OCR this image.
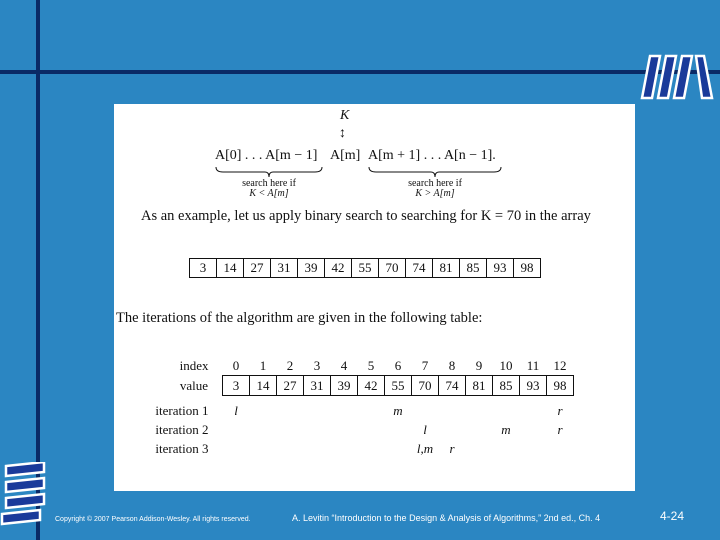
K
↕
A[0] . . . A[m − 1] A[m] A[m + 1] . . . A[n − 1].
search here if
K < A[m]
search here if
K > A[m]
As an example, let us apply binary search to searching for K = 70 in the array
3	14	27	31	39	42	55	70	74	81	85	93	98
The iterations of the algorithm are given in the following table:
index	0	1	2	3	4	5	6	7	8	9	10	11	12
value	3	14	27	31	39	42	55	70	74	81	85	93	98

iteration 1	l						m						r
iteration 2								l			m		r
iteration 3								l,m	r				
Copyright © 2007 Pearson Addison-Wesley. All rights reserved.	A. Levitin “Introduction to the Design & Analysis of Algorithms,” 2nd ed., Ch. 4	4-24
